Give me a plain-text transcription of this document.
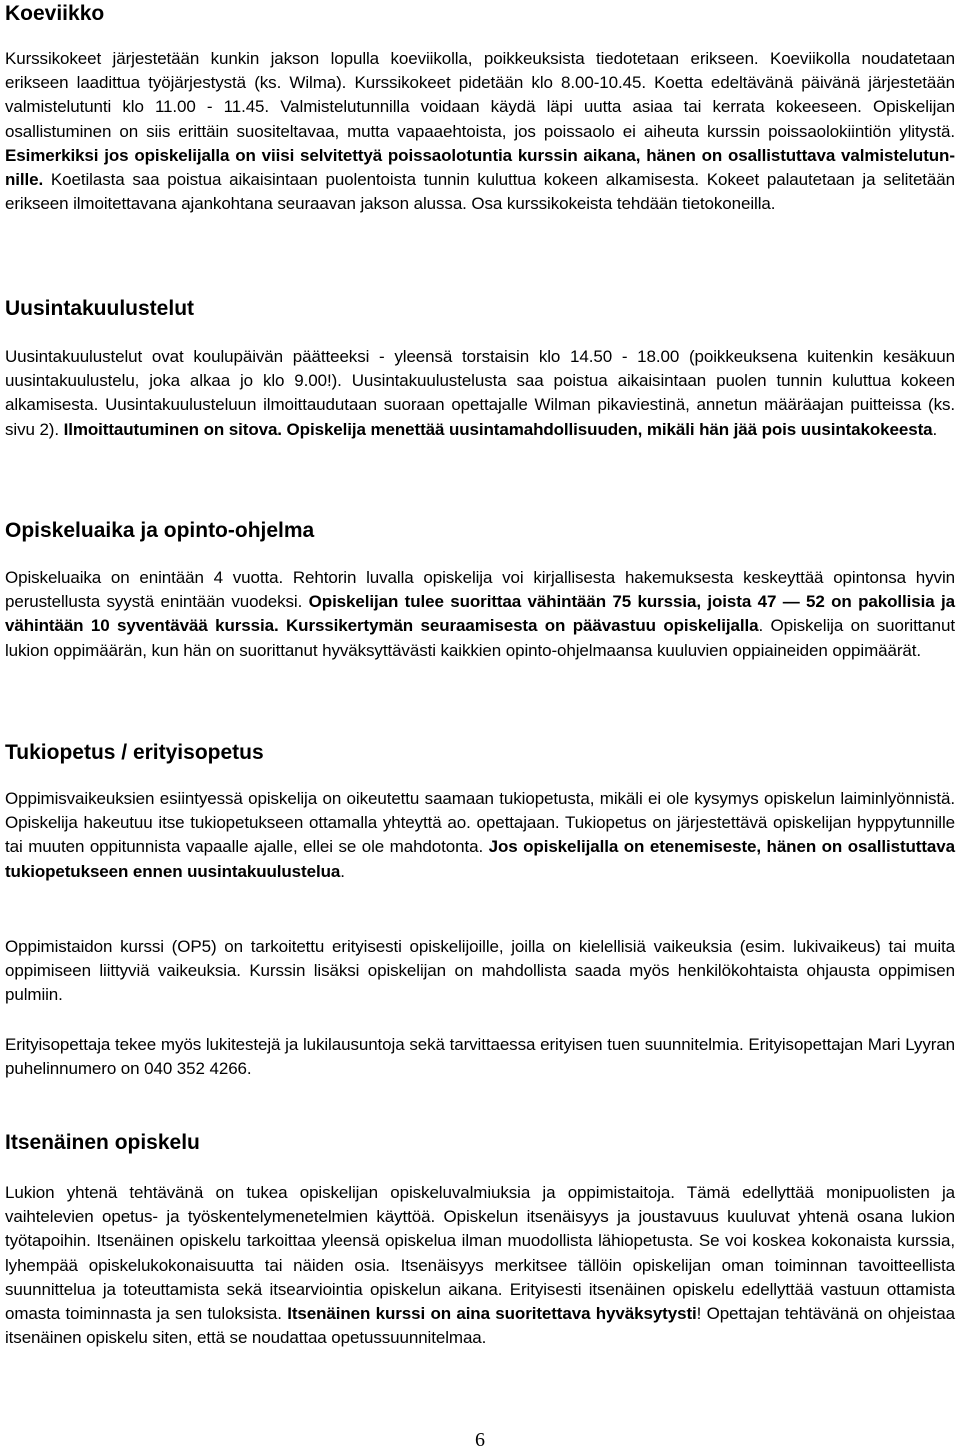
Koeviikko

Kurssikokeet järjestetään kunkin jakson lopulla koeviikolla, poikkeuksista tiedotetaan erikseen. Koeviikolla noudatetaan erikseen laadittua työjärjestystä (ks. Wilma). Kurssikokeet pidetään klo 8.00-10.45. Koetta edeltävänä päivänä järjestetään valmistelutunti klo 11.00 - 11.45. Valmistelutunnilla voidaan käydä läpi uutta asiaa tai kerrata kokeeseen. Opiskelijan osallistuminen on siis erittäin suositeltavaa, mutta vapaaehtoista, jos poissaolo ei aiheuta kurssin poissaolokiintiön ylitystä. Esimerkiksi jos opiskelijalla on viisi selvitettyä poissaolotuntia kurssin aikana, hänen on osallistuttava valmistelutunnille. Koetilasta saa poistua aikaisintaan puolentoista tunnin kuluttua kokeen alkamisesta. Kokeet palautetaan ja selitetään erikseen ilmoitettavana ajankohtana seuraavan jakson alussa. Osa kurssikokeista tehdään tietokoneilla.

Uusintakuulustelut

Uusintakuulustelut ovat koulupäivän päätteeksi - yleensä torstaisin klo 14.50 - 18.00 (poikkeuksena kuitenkin kesäkuun uusintakuulustelu, joka alkaa jo klo 9.00!). Uusintakuulustelusta saa poistua aikaisintaan puolen tunnin kuluttua kokeen alkamisesta. Uusintakuulusteluun ilmoittaudutaan suoraan opettajalle Wilman pikaviestinä, annetun määräajan puitteissa (ks. sivu 2). Ilmoittautuminen on sitova. Opiskelija menettää uusintamahdollisuuden, mikäli hän jää pois uusintakokeesta.

Opiskeluaika ja opinto-ohjelma

Opiskeluaika on enintään 4 vuotta. Rehtorin luvalla opiskelija voi kirjallisesta hakemuksesta keskeyttää opintonsa hyvin perustellusta syystä enintään vuodeksi. Opiskelijan tulee suorittaa vähintään 75 kurssia, joista 47 — 52 on pakollisia ja vähintään 10 syventävää kurssia. Kurssikertymän seuraamisesta on päävastuu opiskelijalla. Opiskelija on suorittanut lukion oppimäärän, kun hän on suorittanut hyväksyttävästi kaikkien opinto-ohjelmaansa kuuluvien oppiaineiden oppimäärät.

Tukiopetus / erityisopetus

Oppimisvaikeuksien esiintyessä opiskelija on oikeutettu saamaan tukiopetusta, mikäli ei ole kysymys opiskelun laiminlyönnistä. Opiskelija hakeutuu itse tukiopetukseen ottamalla yhteyttä ao. opettajaan. Tukiopetus on järjestettävä opiskelijan hyppytunnille tai muuten oppitunnista vapaalle ajalle, ellei se ole mahdotonta. Jos opiskelijalla on etenemiseste, hänen on osallistuttava tukiopetukseen ennen uusintakuulustelua.

Oppimistaidon kurssi (OP5) on tarkoitettu erityisesti opiskelijoille, joilla on kielellisiä vaikeuksia (esim. lukivaikeus) tai muita oppimiseen liittyviä vaikeuksia. Kurssin lisäksi opiskelijan on mahdollista saada myös henkilökohtaista ohjausta oppimisen pulmiin.

Erityisopettaja tekee myös lukitestejä ja lukilausuntoja sekä tarvittaessa erityisen tuen suunnitelmia. Erityisopettajan Mari Lyyran puhelinnumero on 040 352 4266.

Itsenäinen opiskelu

Lukion yhtenä tehtävänä on tukea opiskelijan opiskeluvalmiuksia ja oppimistaitoja. Tämä edellyttää monipuolisten ja vaihtelevien opetus- ja työskentelymenetelmien käyttöä. Opiskelun itsenäisyys ja joustavuus kuuluvat yhtenä osana lukion työtapoihin. Itsenäinen opiskelu tarkoittaa yleensä opiskelua ilman muodollista lähiopetusta. Se voi koskea kokonaista kurssia, lyhempää opiskelukokonaisuutta tai näiden osia. Itsenäisyys merkitsee tällöin opiskelijan oman toiminnan tavoitteellista suunnittelua ja toteuttamista sekä itsearviointia opiskelun aikana. Erityisesti itsenäinen opiskelu edellyttää vastuun ottamista omasta toiminnasta ja sen tuloksista. Itsenäinen kurssi on aina suoritettava hyväksytysti! Opettajan tehtävänä on ohjeistaa itsenäinen opiskelu siten, että se noudattaa opetussuunnitelmaa.

6
